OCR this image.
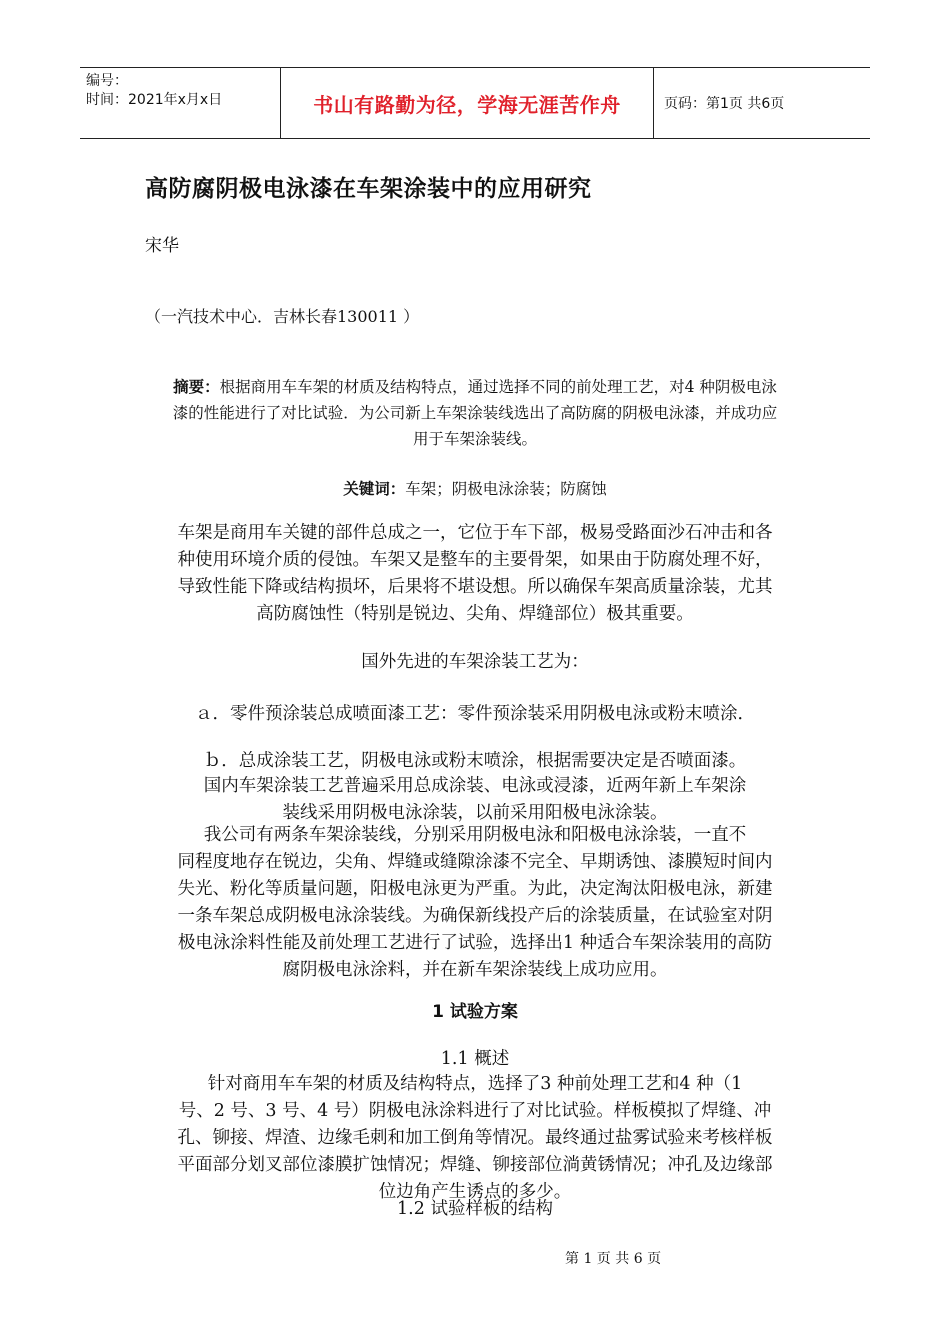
编号：
时间：2021年x月x日	书山有路勤为径，学海无涯苦作舟	页码：第1页 共6页
高防腐阴极电泳漆在车架涂装中的应用研究
宋华
（一汽技术中心．吉林长春130011 ）
摘要：根据商用车车架的材质及结构特点，通过选择不同的前处理工艺，对4 种阴极电泳
漆的性能进行了对比试验．为公司新上车架涂装线选出了高防腐的阴极电泳漆，并成功应
用于车架涂装线。
关键词：车架；阴极电泳涂装；防腐蚀
车架是商用车关键的部件总成之一，它位于车下部，极易受路面沙石冲击和各
种使用环境介质的侵蚀。车架又是整车的主要骨架，如果由于防腐处理不好，
导致性能下降或结构损坏，后果将不堪设想。所以确保车架高质量涂装，尤其
高防腐蚀性（特别是锐边、尖角、焊缝部位）极其重要。
国外先进的车架涂装工艺为：
ａ．零件预涂装总成喷面漆工艺：零件预涂装采用阴极电泳或粉末喷涂．
ｂ．总成涂装工艺，阴极电泳或粉末喷涂，根据需要决定是否喷面漆。
国内车架涂装工艺普遍采用总成涂装、电泳或浸漆，近两年新上车架涂
装线采用阴极电泳涂装，以前采用阳极电泳涂装。
我公司有两条车架涂装线，分别采用阴极电泳和阳极电泳涂装，一直不
同程度地存在锐边，尖角、焊缝或缝隙涂漆不完全、早期诱蚀、漆膜短时间内
失光、粉化等质量问题，阳极电泳更为严重。为此，决定淘汰阳极电泳，新建
一条车架总成阴极电泳涂装线。为确保新线投产后的涂装质量，在试验室对阴
极电泳涂料性能及前处理工艺进行了试验，选择出1 种适合车架涂装用的高防
腐阴极电泳涂料，并在新车架涂装线上成功应用。
1 试验方案
1.1 概述
针对商用车车架的材质及结构特点，选择了3 种前处理工艺和4 种（1
号、2 号、3 号、4 号）阴极电泳涂料进行了对比试验。样板模拟了焊缝、冲
孔、铆接、焊渣、边缘毛刺和加工倒角等情况。最终通过盐雾试验来考核样板
平面部分划叉部位漆膜扩蚀情况；焊缝、铆接部位淌黄锈情况；冲孔及边缘部
位边角产生诱点的多少。
1.2 试验样板的结构
第 1 页 共 6 页
